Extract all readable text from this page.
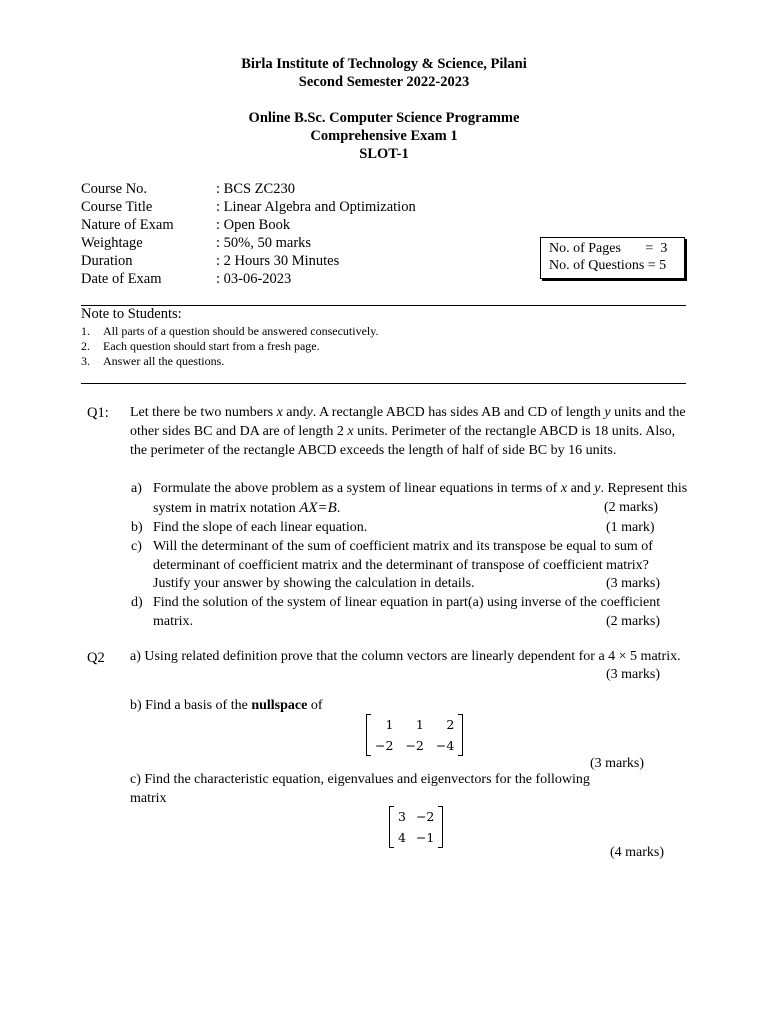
Birla Institute of Technology & Science, Pilani
Second Semester 2022-2023
Online B.Sc. Computer Science Programme
Comprehensive Exam 1
SLOT-1
Course No.	: BCS ZC230
Course Title	: Linear Algebra and Optimization
Nature of Exam	: Open Book
Weightage	: 50%, 50 marks
Duration	: 2 Hours 30 Minutes
Date of Exam	: 03-06-2023
No. of Pages       =  3
No. of Questions = 5
Note to Students:
1. All parts of a question should be answered consecutively.
2. Each question should start from a fresh page.
3. Answer all the questions.
Q1: Let there be two numbers x andy. A rectangle ABCD has sides AB and CD of length y units and the other sides BC and DA are of length 2 x units. Perimeter of the rectangle ABCD is 18 units. Also, the perimeter of the rectangle ABCD exceeds the length of half of side BC by 16 units.
a) Formulate the above problem as a system of linear equations in terms of x and y. Represent this system in matrix notation AX=B.	(2 marks)
b) Find the slope of each linear equation.	(1 mark)
c) Will the determinant of the sum of coefficient matrix and its transpose be equal to sum of determinant of coefficient matrix and the determinant of transpose of coefficient matrix? Justify your answer by showing the calculation in details.	(3 marks)
d) Find the solution of the system of linear equation in part(a) using inverse of the coefficient matrix.	(2 marks)
Q2 a) Using related definition prove that the column vectors are linearly dependent for a 4 × 5 matrix.
(3 marks)
b) Find a basis of the nullspace of
1	1	2
−2 −2 −4
(3 marks)
c) Find the characteristic equation, eigenvalues and eigenvectors for the following matrix
3 −2
4 −1
(4 marks)
